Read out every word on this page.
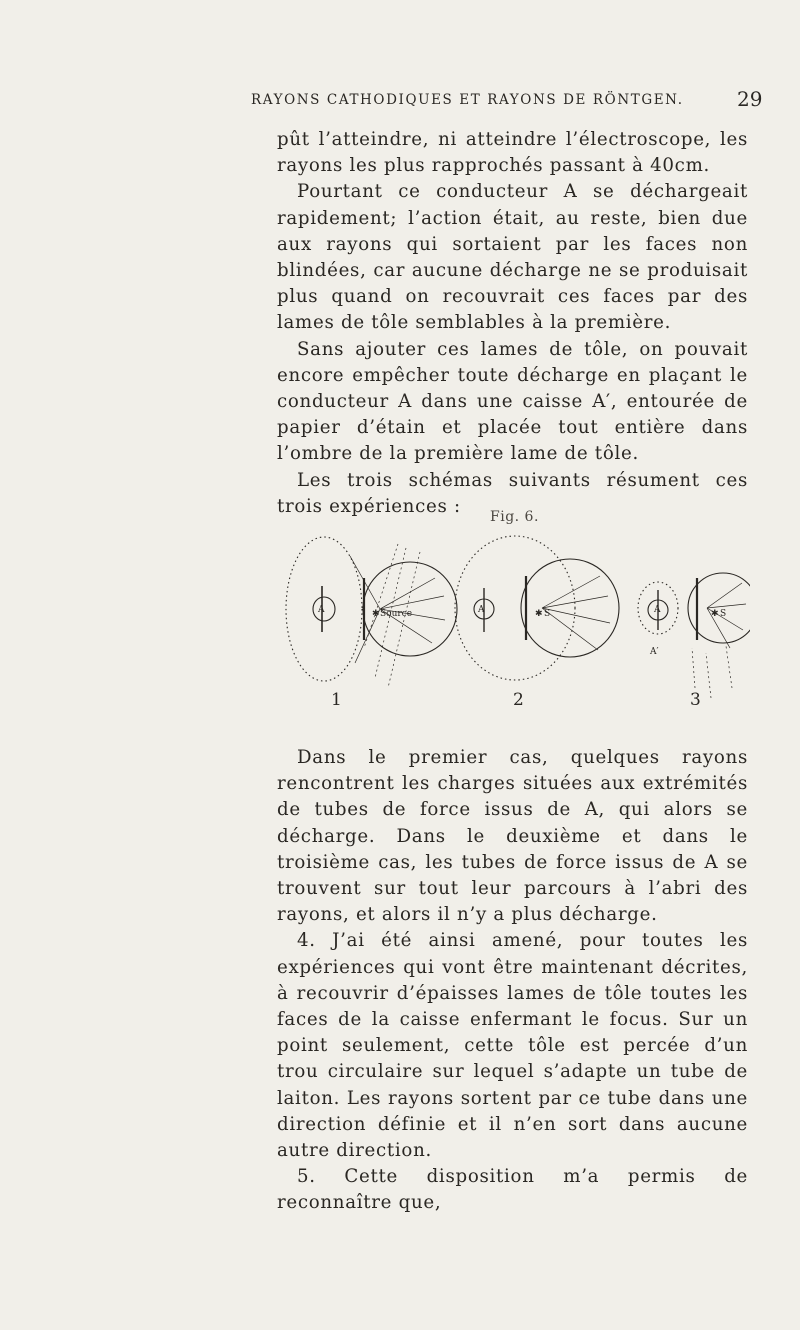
RAYONS CATHODIQUES ET RAYONS DE RÖNTGEN.	29

pût l’atteindre, ni atteindre l’électroscope, les rayons les plus rapprochés passant à 40cm.

Pourtant ce conducteur A se déchargeait rapidement; l’action était, au reste, bien due aux rayons qui sortaient par les faces non blindées, car aucune décharge ne se produisait plus quand on recouvrait ces faces par des lames de tôle semblables à la première.

Sans ajouter ces lames de tôle, on pouvait encore empêcher toute décharge en plaçant le conducteur A dans une caisse A′, entourée de papier d’étain et placée tout entière dans l’ombre de la première lame de tôle.

Les trois schémas suivants résument ces trois expériences :

Fig. 6.
A	Source
✱	A	✱ S	A
A′
✱ S
1	2	3

Dans le premier cas, quelques rayons rencontrent les charges situées aux extrémités de tubes de force issus de A, qui alors se décharge. Dans le deuxième et dans le troisième cas, les tubes de force issus de A se trouvent sur tout leur parcours à l’abri des rayons, et alors il n’y a plus décharge.

4. J’ai été ainsi amené, pour toutes les expériences qui vont être maintenant décrites, à recouvrir d’épaisses lames de tôle toutes les faces de la caisse enfermant le focus. Sur un point seulement, cette tôle est percée d’un trou circulaire sur lequel s’adapte un tube de laiton. Les rayons sortent par ce tube dans une direction définie et il n’en sort dans aucune autre direction.

5. Cette disposition m’a permis de reconnaître que,
